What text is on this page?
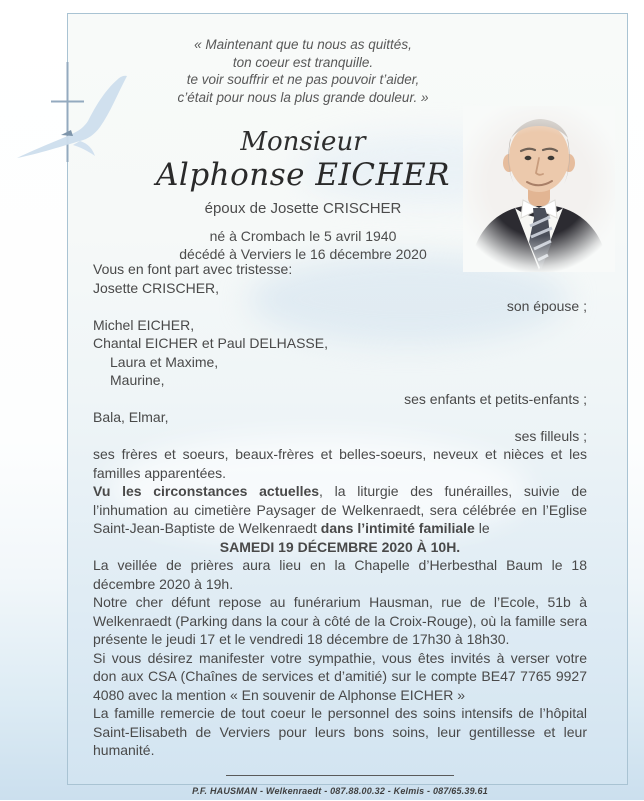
« Maintenant que tu nous as quittés,
ton coeur est tranquille.
te voir souffrir et ne pas pouvoir t’aider,
c’était pour nous la plus grande douleur. »
Monsieur
Alphonse EICHER
époux de Josette CRISCHER
né à Crombach le 5 avril 1940
décédé à Verviers le 16 décembre 2020

Vous en font part avec tristesse:

Josette CRISCHER,

son épouse ;

Michel EICHER,

Chantal EICHER et Paul DELHASSE,

Laura et Maxime,

Maurine,

ses enfants et petits-enfants ;

Bala, Elmar,

ses filleuls ;

ses frères et soeurs, beaux-frères et belles-soeurs, neveux et nièces et les familles apparentées.

Vu les circonstances actuelles, la liturgie des funérailles, suivie de l’inhumation au cimetière Paysager de Welkenraedt, sera célébrée en l’Eglise Saint-Jean-Baptiste de Welkenraedt dans l’intimité familiale le

SAMEDI 19 DÉCEMBRE 2020 À 10H.

La veillée de prières aura lieu en la Chapelle d’Herbesthal Baum le 18 décembre 2020 à 19h.

Notre cher défunt repose au funérarium Hausman, rue de l’Ecole, 51b à Welkenraedt (Parking dans la cour à côté de la Croix-Rouge), où la famille sera présente le jeudi 17 et le vendredi 18 décembre de 17h30 à 18h30.

Si vous désirez manifester votre sympathie, vous êtes invités à verser votre don aux CSA (Chaînes de services et d’amitié) sur le compte BE47 7765 9927 4080 avec la mention « En souvenir de Alphonse EICHER »

La famille remercie de tout coeur le personnel des soins intensifs de l’hôpital Saint-Elisabeth de Verviers pour leurs bons soins, leur gentillesse et leur humanité.

P.F. HAUSMAN - Welkenraedt - 087.88.00.32 - Kelmis - 087/65.39.61
